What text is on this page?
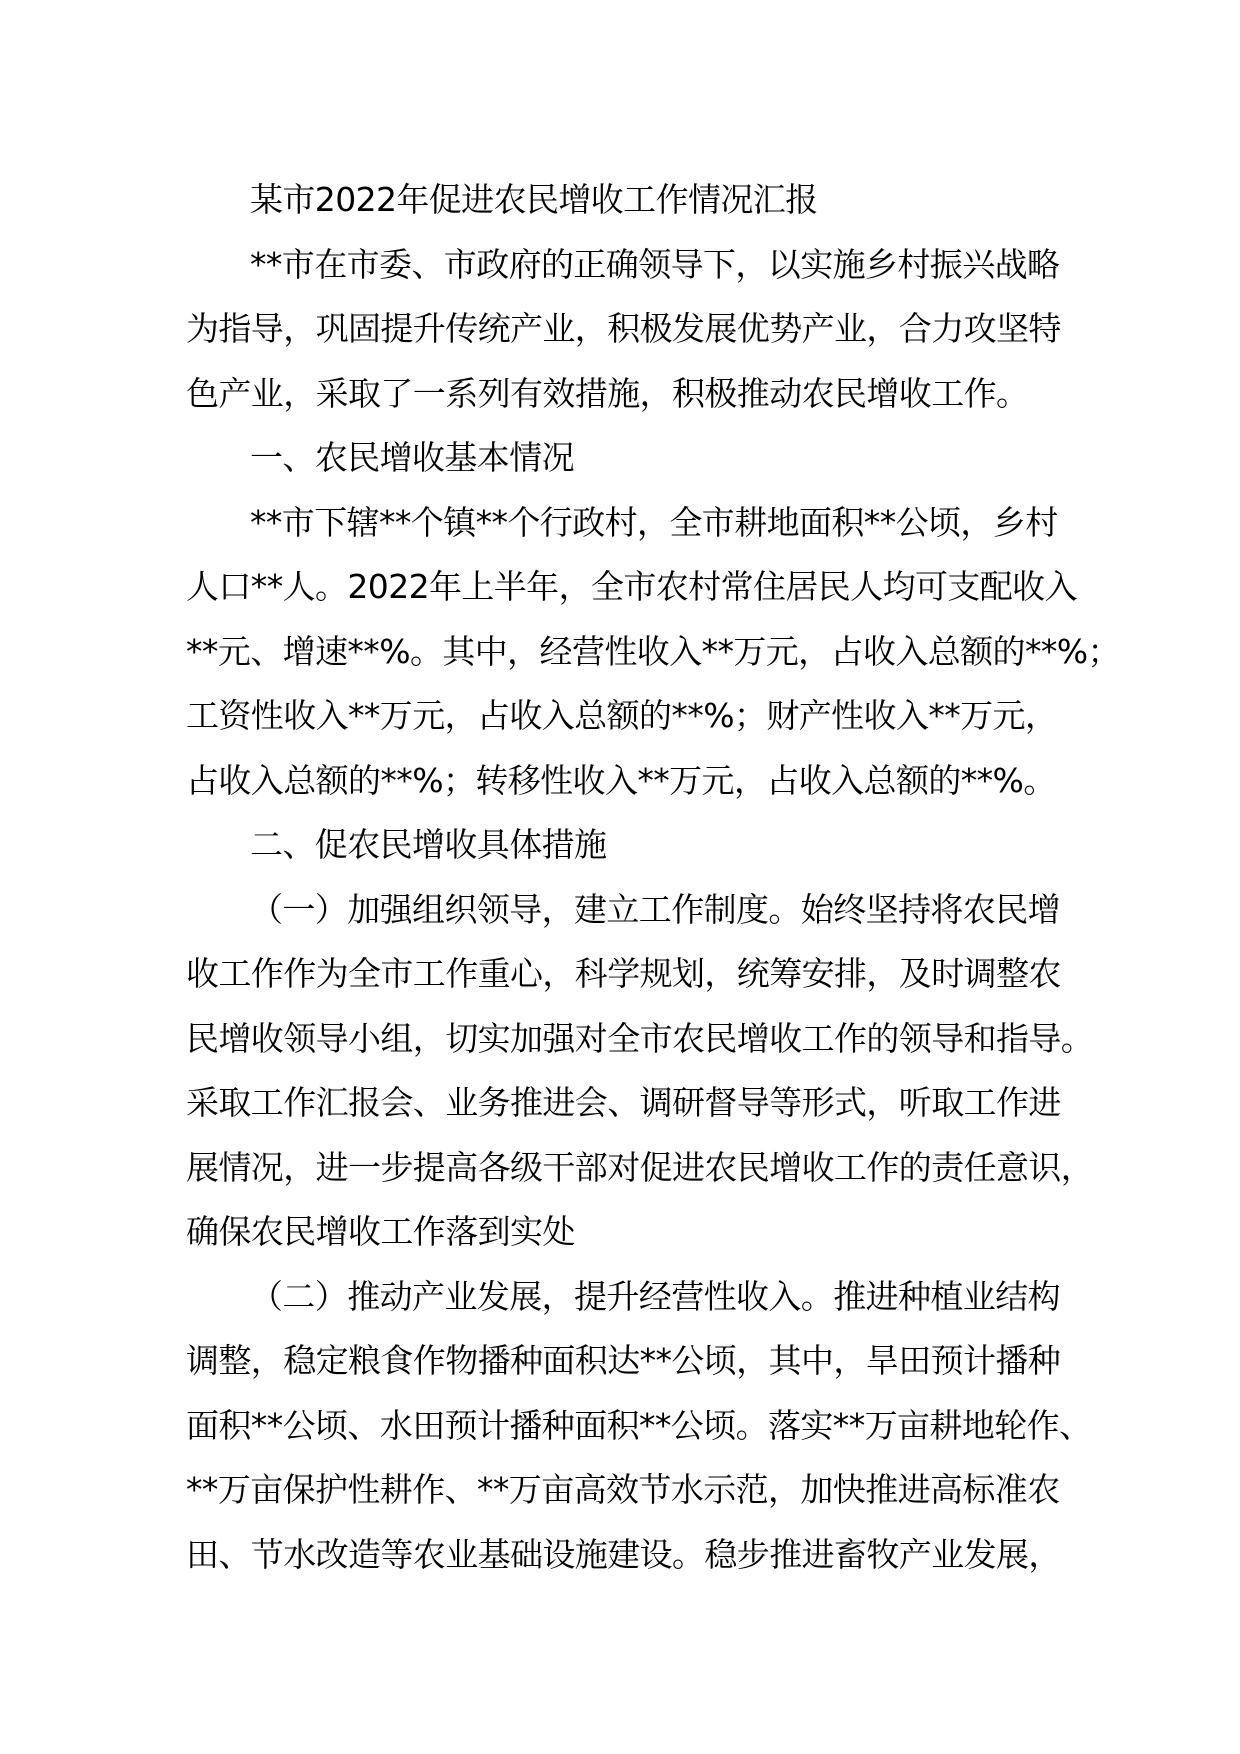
某市2022年促进农民增收工作情况汇报
**市在市委、市政府的正确领导下，以实施乡村振兴战略
为指导，巩固提升传统产业，积极发展优势产业，合力攻坚特
色产业，采取了一系列有效措施，积极推动农民增收工作。
一、农民增收基本情况
**市下辖**个镇**个行政村，全市耕地面积**公顷，乡村
人口**人。2022年上半年，全市农村常住居民人均可支配收入
**元、增速**%。其中，经营性收入**万元，占收入总额的**%；
工资性收入**万元，占收入总额的**%；财产性收入**万元，
占收入总额的**%；转移性收入**万元，占收入总额的**%。
二、促农民增收具体措施
（一）加强组织领导，建立工作制度。始终坚持将农民增
收工作作为全市工作重心，科学规划，统筹安排，及时调整农
民增收领导小组，切实加强对全市农民增收工作的领导和指导。
采取工作汇报会、业务推进会、调研督导等形式，听取工作进
展情况，进一步提高各级干部对促进农民增收工作的责任意识，
确保农民增收工作落到实处
（二）推动产业发展，提升经营性收入。推进种植业结构
调整，稳定粮食作物播种面积达**公顷，其中，旱田预计播种
面积**公顷、水田预计播种面积**公顷。落实**万亩耕地轮作、
**万亩保护性耕作、**万亩高效节水示范，加快推进高标准农
田、节水改造等农业基础设施建设。稳步推进畜牧产业发展，
